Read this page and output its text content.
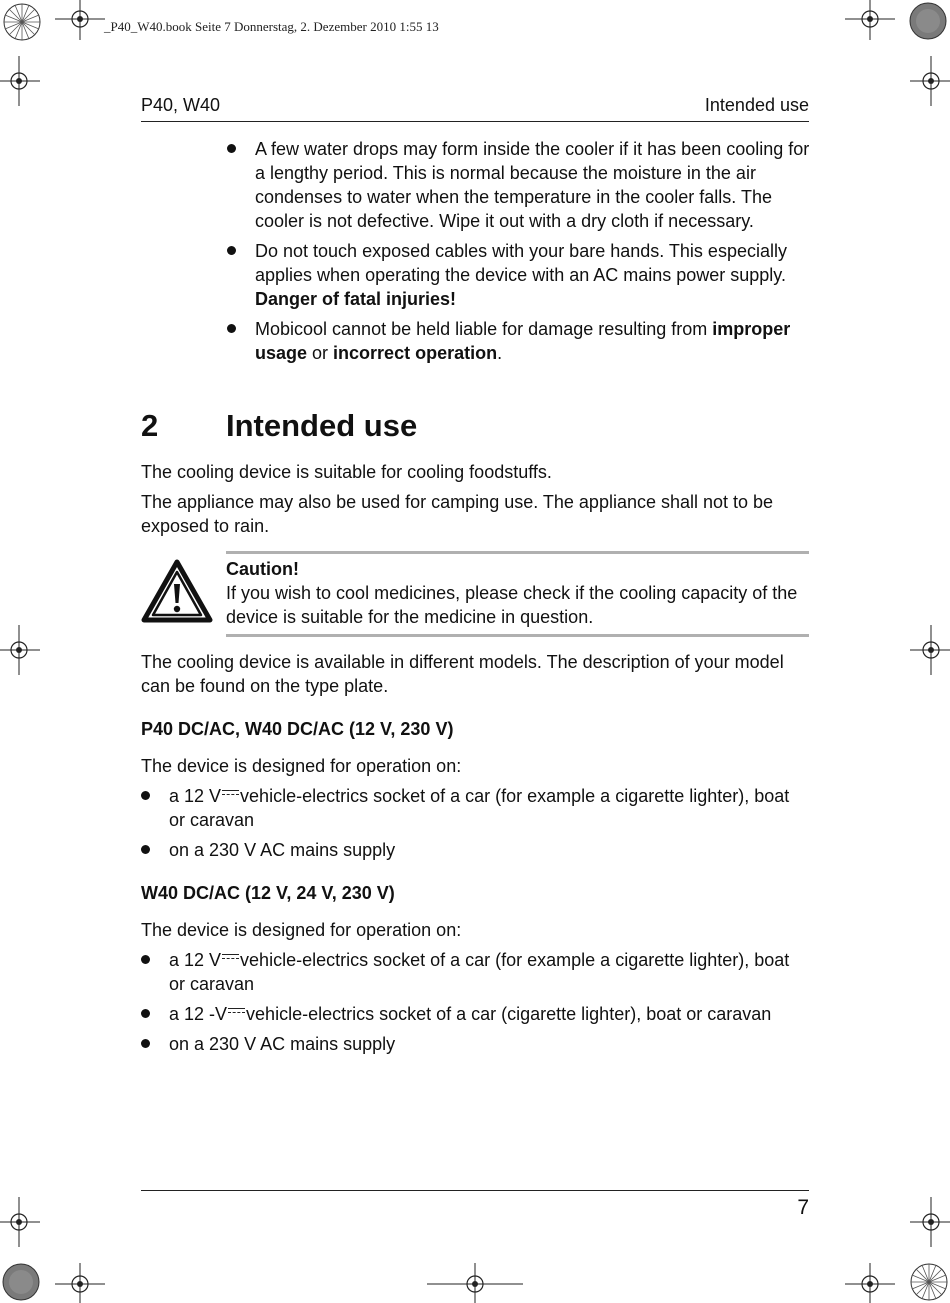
_P40_W40.book Seite 7 Donnerstag, 2. Dezember 2010 1:55 13
P40, W40	Intended use
A few water drops may form inside the cooler if it has been cooling for a lengthy period. This is normal because the moisture in the air condenses to water when the temperature in the cooler falls. The cooler is not defective. Wipe it out with a dry cloth if necessary.
Do not touch exposed cables with your bare hands. This especially applies when operating the device with an AC mains power supply. Danger of fatal injuries!
Mobicool cannot be held liable for damage resulting from improper usage or incorrect operation.
2 Intended use

The cooling device is suitable for cooling foodstuffs.

The appliance may also be used for camping use. The appliance shall not to be exposed to rain.

Caution!

If you wish to cool medicines, please check if the cooling capacity of the device is suitable for the medicine in question.

The cooling device is available in different models. The description of your model can be found on the type plate.

P40 DC/AC, W40 DC/AC (12 V, 230 V)

The device is designed for operation on:

a 12 V vehicle-electrics socket of a car (for example a cigarette lighter), boat or caravan
on a 230 V AC mains supply
W40 DC/AC (12 V, 24 V, 230 V)

The device is designed for operation on:

a 12 V vehicle-electrics socket of a car (for example a cigarette lighter), boat or caravan
a 12 -V vehicle-electrics socket of a car (cigarette lighter), boat or caravan
on a 230 V AC mains supply
7
